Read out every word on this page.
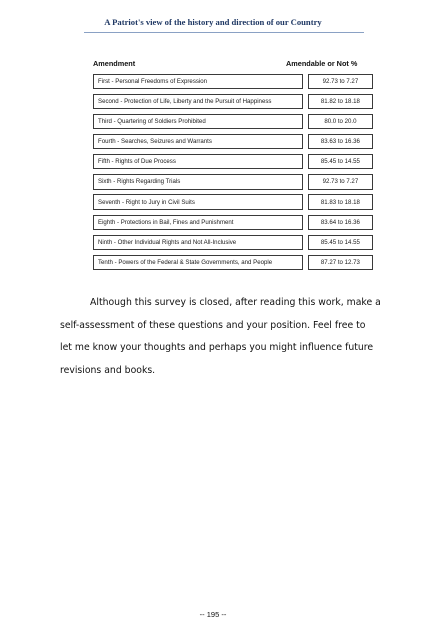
A Patriot's view of the history and direction of our Country
Amendment	Amendable or Not %
First - Personal Freedoms of Expression		92.73 to 7.27

Second - Protection of Life, Liberty and the Pursuit of Happiness		81.82 to 18.18

Third - Quartering of Soldiers Prohibited		80.0 to 20.0

Fourth - Searches, Seizures and Warrants		83.63 to 16.36

Fifth - Rights of Due Process		85.45 to 14.55

Sixth - Rights Regarding Trials		92.73 to 7.27

Seventh - Right to Jury in Civil Suits		81.83 to 18.18

Eighth - Protections in Bail, Fines and Punishment		83.64 to 16.36

Ninth - Other Individual Rights and Not All-Inclusive		85.45 to 14.55

Tenth - Powers of the Federal & State Governments, and People		87.27 to 12.73
Although this survey is closed, after reading this work, make a
self-assessment of these questions and your position. Feel free to
let me know your thoughts and perhaps you might influence future
revisions and books.
-- 195 --
